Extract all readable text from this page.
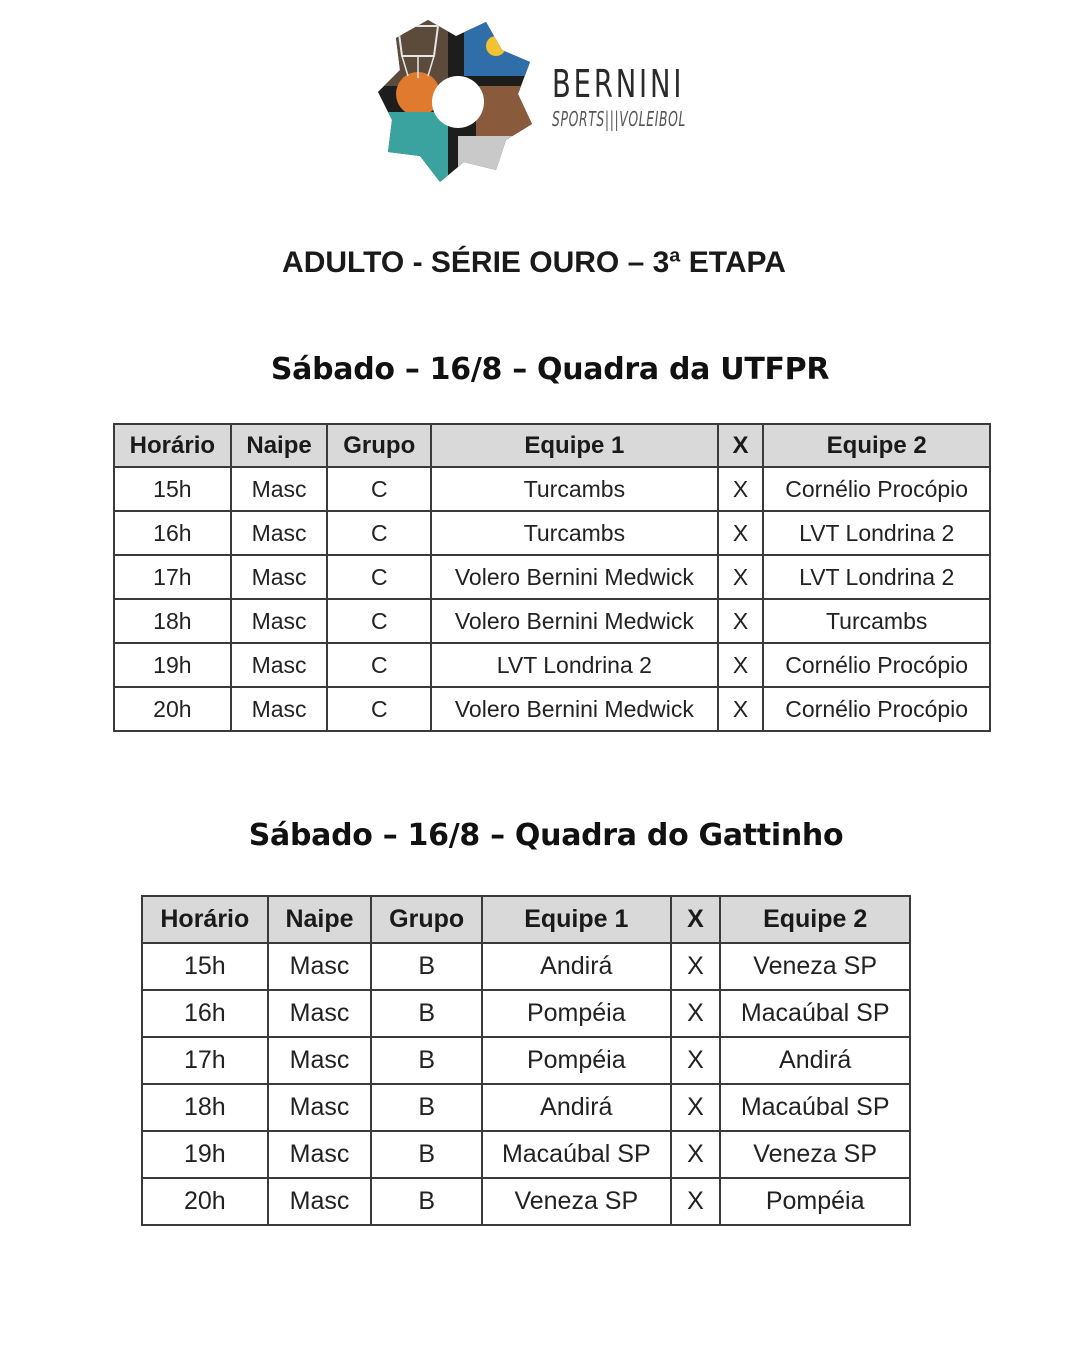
BERNINI
SPORTS|||VOLEIBOL
ADULTO - SÉRIE OURO – 3ª ETAPA
Sábado – 16/8 – Quadra da UTFPR
Horário	Naipe	Grupo	Equipe 1	X	Equipe 2
15h	Masc	C	Turcambs	X	Cornélio Procópio
16h	Masc	C	Turcambs	X	LVT Londrina 2
17h	Masc	C	Volero Bernini Medwick	X	LVT Londrina 2
18h	Masc	C	Volero Bernini Medwick	X	Turcambs
19h	Masc	C	LVT Londrina 2	X	Cornélio Procópio
20h	Masc	C	Volero Bernini Medwick	X	Cornélio Procópio
Sábado – 16/8 – Quadra do Gattinho
Horário	Naipe	Grupo	Equipe 1	X	Equipe 2
15h	Masc	B	Andirá	X	Veneza SP
16h	Masc	B	Pompéia	X	Macaúbal SP
17h	Masc	B	Pompéia	X	Andirá
18h	Masc	B	Andirá	X	Macaúbal SP
19h	Masc	B	Macaúbal SP	X	Veneza SP
20h	Masc	B	Veneza SP	X	Pompéia
